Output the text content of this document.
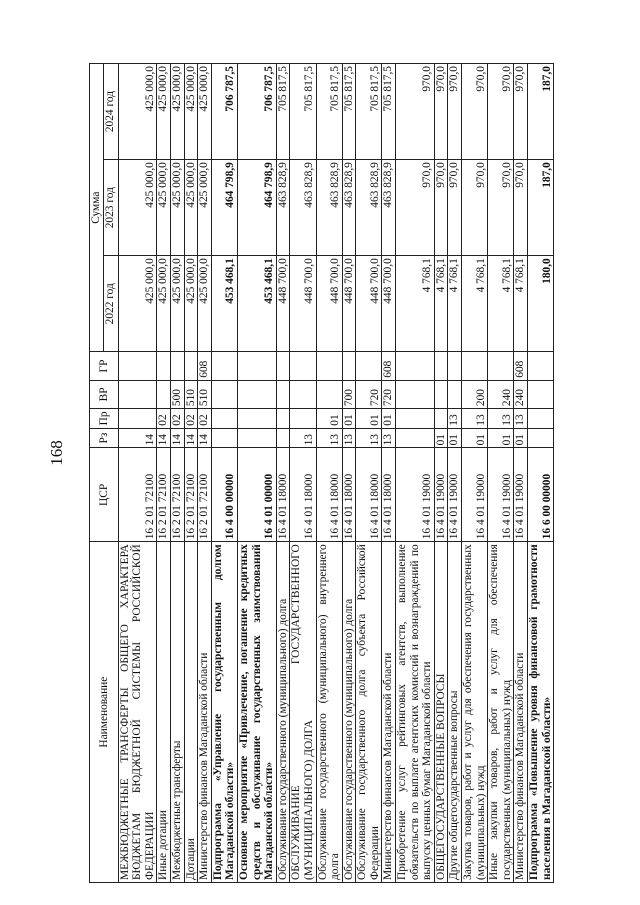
168
Наименование	ЦСР	Рз	Пр	ВР	ГР	Сумма		
						2022 год	2023 год	2024 год
МЕЖБЮДЖЕТНЫЕ ТРАНСФЕРТЫ ОБЩЕГО ХАРАКТЕРА БЮДЖЕТАМ БЮДЖЕТНОЙ СИСТЕМЫ РОССИЙСКОЙ ФЕДЕРАЦИИ	16 2 01 72100	14				425 000,0	425 000,0	425 000,0
Иные дотации	16 2 01 72100	14	02			425 000,0	425 000,0	425 000,0
Межбюджетные трансферты	16 2 01 72100	14	02	500		425 000,0	425 000,0	425 000,0
Дотации	16 2 01 72100	14	02	510		425 000,0	425 000,0	425 000,0
Министерство финансов Магаданской области	16 2 01 72100	14	02	510	608	425 000,0	425 000,0	425 000,0
Подпрограмма «Управление государственным долгом Магаданской области»	16 4 00 00000					453 468,1	464 798,9	706 787,5
Основное мероприятие «Привлечение, погашение кредитных средств и обслуживание государственных заимствований Магаданской области»	16 4 01 00000					453 468,1	464 798,9	706 787,5
Обслуживание государственного (муниципального) долга	16 4 01 18000					448 700,0	463 828,9	705 817,5
ОБСЛУЖИВАНИЕ ГОСУДАРСТВЕННОГО (МУНИЦИПАЛЬНОГО) ДОЛГА	16 4 01 18000	13				448 700,0	463 828,9	705 817,5
Обслуживание государственного (муниципального) внутреннего долга	16 4 01 18000	13	01			448 700,0	463 828,9	705 817,5
Обслуживание государственного (муниципального) долга	16 4 01 18000	13	01	700		448 700,0	463 828,9	705 817,5
Обслуживание государственного долга субъекта Российской Федерации	16 4 01 18000	13	01	720		448 700,0	463 828,9	705 817,5
Министерство финансов Магаданской области	16 4 01 18000	13	01	720	608	448 700,0	463 828,9	705 817,5
Приобретение услуг рейтинговых агентств, выполнение обязательств по выплате агентских комиссий и вознаграждений по выпуску ценных бумаг Магаданской области	16 4 01 19000					4 768,1	970,0	970,0
ОБЩЕГОСУДАРСТВЕННЫЕ ВОПРОСЫ	16 4 01 19000	01				4 768,1	970,0	970,0
Другие общегосударственные вопросы	16 4 01 19000	01	13			4 768,1	970,0	970,0
Закупка товаров, работ и услуг для обеспечения государственных (муниципальных) нужд	16 4 01 19000	01	13	200		4 768,1	970,0	970,0
Иные закупки товаров, работ и услуг для обеспечения государственных (муниципальных) нужд	16 4 01 19000	01	13	240		4 768,1	970,0	970,0
Министерство финансов Магаданской области	16 4 01 19000	01	13	240	608	4 768,1	970,0	970,0
Подпрограмма «Повышение уровня финансовой грамотности населения в Магаданской области»	16 6 00 00000					180,0	187,0	187,0
